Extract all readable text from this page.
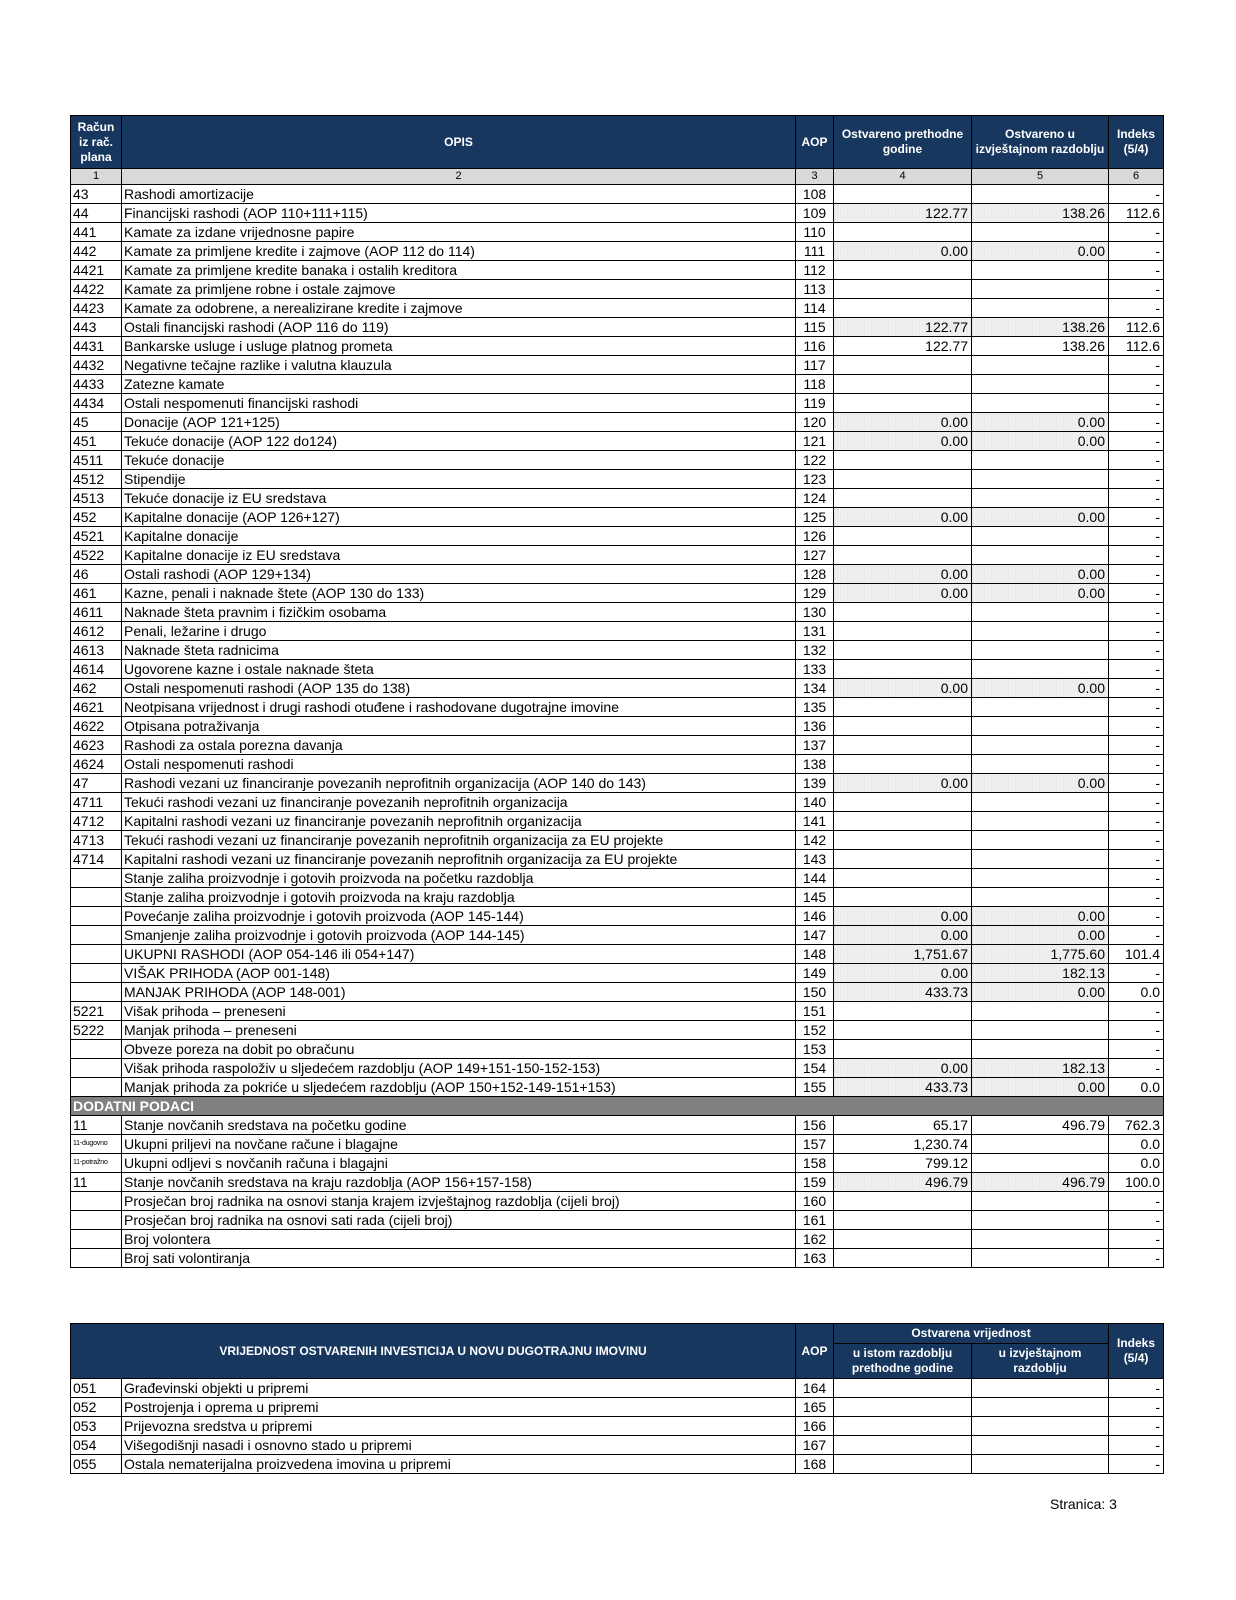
Račun iz rač. plana	OPIS	AOP	Ostvareno prethodne godine	Ostvareno u izvještajnom razdoblju	Indeks (5/4)
1	2	3	4	5	6
43	Rashodi amortizacije	108			-
44	Financijski rashodi (AOP 110+111+115)	109	122.77	138.26	112.6
441	Kamate za izdane vrijednosne papire	110			-
442	Kamate za primljene kredite i zajmove (AOP 112 do 114)	111	0.00	0.00	-
4421	Kamate za primljene kredite banaka i ostalih kreditora	112			-
4422	Kamate za primljene robne i ostale zajmove	113			-
4423	Kamate za odobrene, a nerealizirane kredite i zajmove	114			-
443	Ostali financijski rashodi (AOP 116 do 119)	115	122.77	138.26	112.6
4431	Bankarske usluge i usluge platnog prometa	116	122.77	138.26	112.6
4432	Negativne tečajne razlike i valutna klauzula	117			-
4433	Zatezne kamate	118			-
4434	Ostali nespomenuti financijski rashodi	119			-
45	Donacije (AOP 121+125)	120	0.00	0.00	-
451	Tekuće donacije (AOP 122 do124)	121	0.00	0.00	-
4511	Tekuće donacije	122			-
4512	Stipendije	123			-
4513	Tekuće donacije iz EU sredstava	124			-
452	Kapitalne donacije (AOP 126+127)	125	0.00	0.00	-
4521	Kapitalne donacije	126			-
4522	Kapitalne donacije iz EU sredstava	127			-
46	Ostali rashodi (AOP 129+134)	128	0.00	0.00	-
461	Kazne, penali i naknade štete (AOP 130 do 133)	129	0.00	0.00	-
4611	Naknade šteta pravnim i fizičkim osobama	130			-
4612	Penali, ležarine i drugo	131			-
4613	Naknade šteta radnicima	132			-
4614	Ugovorene kazne i ostale naknade šteta	133			-
462	Ostali nespomenuti rashodi (AOP 135 do 138)	134	0.00	0.00	-
4621	Neotpisana vrijednost i drugi rashodi otuđene i rashodovane dugotrajne imovine	135			-
4622	Otpisana potraživanja	136			-
4623	Rashodi za ostala porezna davanja	137			-
4624	Ostali nespomenuti rashodi	138			-
47	Rashodi vezani uz financiranje povezanih neprofitnih organizacija (AOP 140 do 143)	139	0.00	0.00	-
4711	Tekući rashodi vezani uz financiranje povezanih neprofitnih organizacija	140			-
4712	Kapitalni rashodi vezani uz financiranje povezanih neprofitnih organizacija	141			-
4713	Tekući rashodi vezani uz financiranje povezanih neprofitnih organizacija za EU projekte	142			-
4714	Kapitalni rashodi vezani uz financiranje povezanih neprofitnih organizacija za EU projekte	143			-
	Stanje zaliha proizvodnje i gotovih proizvoda na početku razdoblja	144			-
	Stanje zaliha proizvodnje i gotovih proizvoda na kraju razdoblja	145			-
	Povećanje zaliha proizvodnje i gotovih proizvoda (AOP 145-144)	146	0.00	0.00	-
	Smanjenje zaliha proizvodnje i gotovih proizvoda (AOP 144-145)	147	0.00	0.00	-
	UKUPNI RASHODI (AOP 054-146 ili 054+147)	148	1,751.67	1,775.60	101.4
	VIŠAK PRIHODA (AOP 001-148)	149	0.00	182.13	-
	MANJAK PRIHODA (AOP 148-001)	150	433.73	0.00	0.0
5221	Višak prihoda – preneseni	151			-
5222	Manjak prihoda – preneseni	152			-
	Obveze poreza na dobit po obračunu	153			-
	Višak prihoda raspoloživ u sljedećem razdoblju (AOP 149+151-150-152-153)	154	0.00	182.13	-
	Manjak prihoda za pokriće u sljedećem razdoblju (AOP 150+152-149-151+153)	155	433.73	0.00	0.0
DODATNI PODACI					
11	Stanje novčanih sredstava na početku godine	156	65.17	496.79	762.3
11-dugovno	Ukupni priljevi na novčane račune i blagajne	157	1,230.74		0.0
11-potražno	Ukupni odljevi s novčanih računa i blagajni	158	799.12		0.0
11	Stanje novčanih sredstava na kraju razdoblja (AOP 156+157-158)	159	496.79	496.79	100.0
	Prosječan broj radnika na osnovi stanja krajem izvještajnog razdoblja (cijeli broj)	160			-
	Prosječan broj radnika na osnovi sati rada (cijeli broj)	161			-
	Broj volontera	162			-
	Broj sati volontiranja	163			-
VRIJEDNOST OSTVARENIH INVESTICIJA U NOVU DUGOTRAJNU IMOVINU		AOP	Ostvarena vrijednost		Indeks (5/4)
			u istom razdoblju prethodne godine	u izvještajnom razdoblju	
051	Građevinski objekti u pripremi	164			-
052	Postrojenja i oprema u pripremi	165			-
053	Prijevozna sredstva u pripremi	166			-
054	Višegodišnji nasadi i osnovno stado u pripremi	167			-
055	Ostala nematerijalna proizvedena imovina u pripremi	168			-
Stranica: 3
